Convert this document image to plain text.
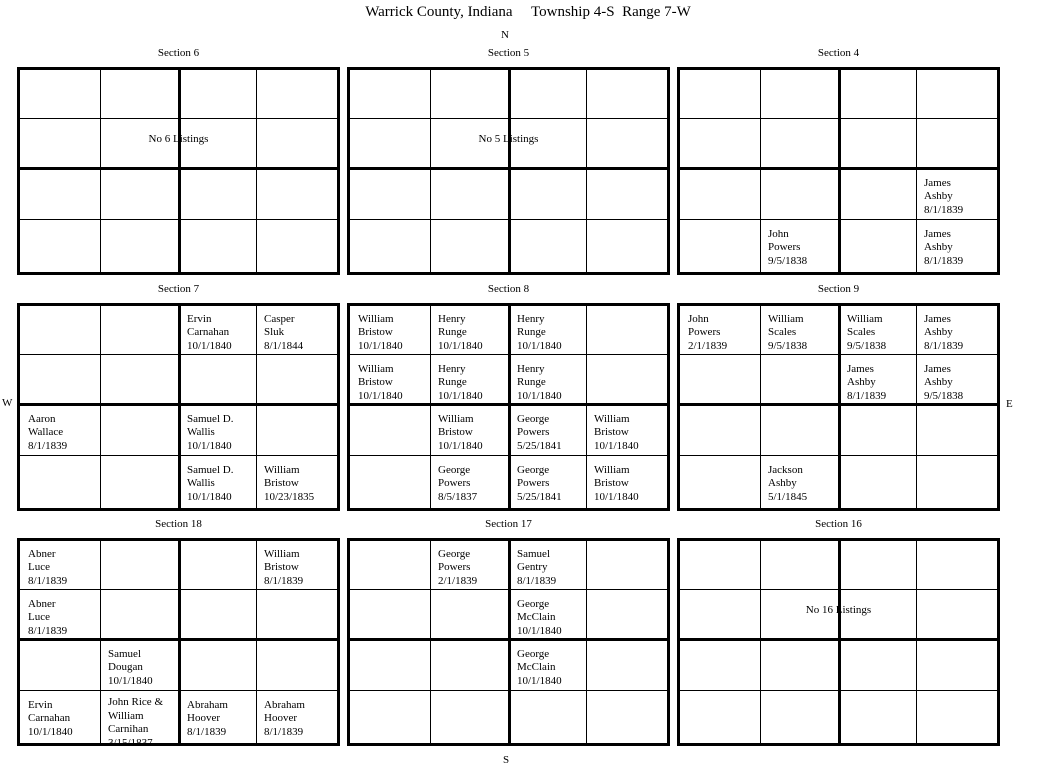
Warrick County, Indiana     Township 4-S  Range 7-W
N
S
W	E
Section 6
No 6 Listings
Section 5
No 5 Listings
Section 4
James
Ashby
8/1/1839
John
Powers
9/5/1838
James
Ashby
8/1/1839
Section 7
Ervin
Carnahan
10/1/1840
Casper
Sluk
8/1/1844
Aaron
Wallace
8/1/1839
Samuel D.
Wallis
10/1/1840
Samuel D.
Wallis
10/1/1840
William
Bristow
10/23/1835
Section 8
William
Bristow
10/1/1840
Henry
Runge
10/1/1840
Henry
Runge
10/1/1840
William
Bristow
10/1/1840
Henry
Runge
10/1/1840
Henry
Runge
10/1/1840
William
Bristow
10/1/1840
George
Powers
5/25/1841
William
Bristow
10/1/1840
George
Powers
8/5/1837
George
Powers
5/25/1841
William
Bristow
10/1/1840
Section 9
John
Powers
2/1/1839
William
Scales
9/5/1838
William
Scales
9/5/1838
James
Ashby
8/1/1839
James
Ashby
8/1/1839
James
Ashby
9/5/1838
Jackson
Ashby
5/1/1845
Section 18
Abner
Luce
8/1/1839
William
Bristow
8/1/1839
Abner
Luce
8/1/1839
Samuel
Dougan
10/1/1840
Ervin
Carnahan
10/1/1840
John Rice &
William
Carnihan
3/15/1837
Abraham
Hoover
8/1/1839
Abraham
Hoover
8/1/1839
Section 17
George
Powers
2/1/1839
Samuel
Gentry
8/1/1839
George
McClain
10/1/1840
George
McClain
10/1/1840
Section 16
No 16 Listings
